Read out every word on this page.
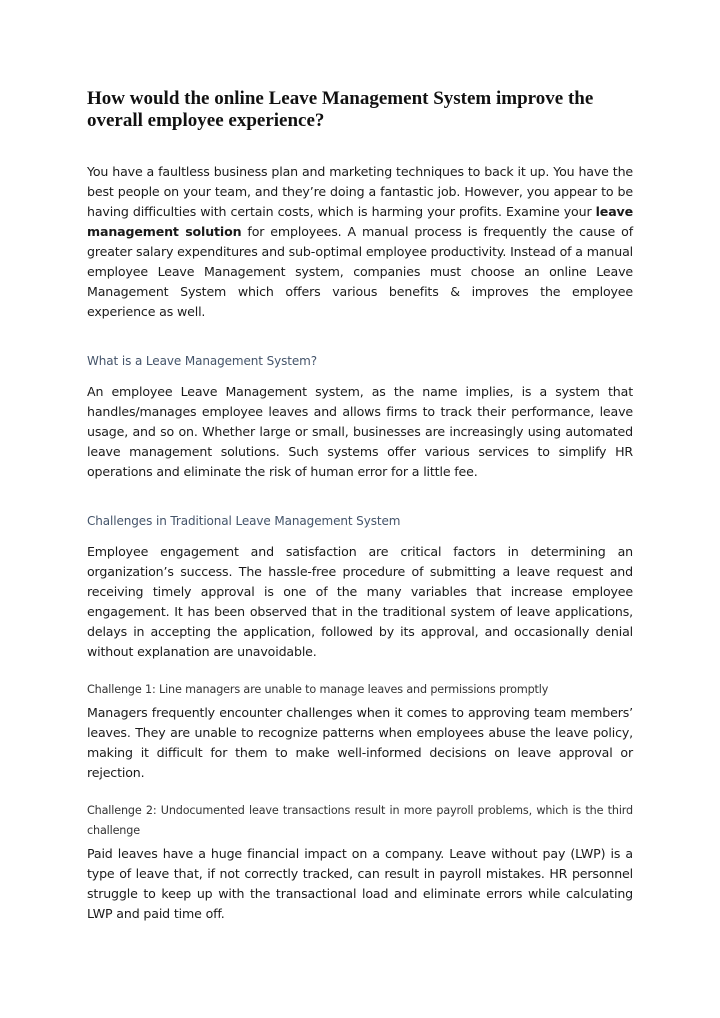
How would the online Leave Management System improve the overall employee experience?

You have a faultless business plan and marketing techniques to back it up. You have the best people on your team, and they’re doing a fantastic job. However, you appear to be having difficulties with certain costs, which is harming your profits. Examine your leave management solution for employees. A manual process is frequently the cause of greater salary expenditures and sub-optimal employee productivity. Instead of a manual employee Leave Management system, companies must choose an online Leave Management System which offers various benefits & improves the employee experience as well.

What is a Leave Management System?

An employee Leave Management system, as the name implies, is a system that handles/manages employee leaves and allows firms to track their performance, leave usage, and so on. Whether large or small, businesses are increasingly using automated leave management solutions. Such systems offer various services to simplify HR operations and eliminate the risk of human error for a little fee.

Challenges in Traditional Leave Management System

Employee engagement and satisfaction are critical factors in determining an organization’s success. The hassle-free procedure of submitting a leave request and receiving timely approval is one of the many variables that increase employee engagement. It has been observed that in the traditional system of leave applications, delays in accepting the application, followed by its approval, and occasionally denial without explanation are unavoidable.

Challenge 1: Line managers are unable to manage leaves and permissions promptly

Managers frequently encounter challenges when it comes to approving team members’ leaves. They are unable to recognize patterns when employees abuse the leave policy, making it difficult for them to make well-informed decisions on leave approval or rejection.

Challenge 2: Undocumented leave transactions result in more payroll problems, which is the third challenge

Paid leaves have a huge financial impact on a company. Leave without pay (LWP) is a type of leave that, if not correctly tracked, can result in payroll mistakes. HR personnel struggle to keep up with the transactional load and eliminate errors while calculating LWP and paid time off.
